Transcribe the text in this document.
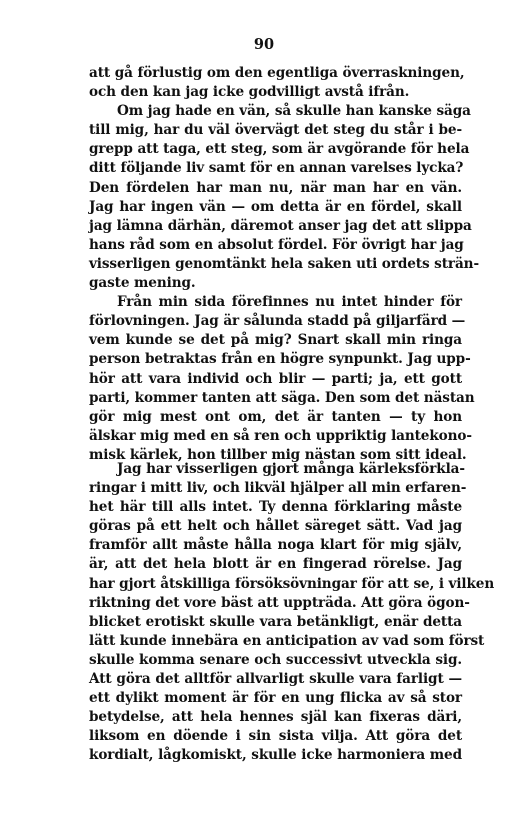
90
att gå förlustig om den egentliga överraskningen,
och den kan jag icke godvilligt avstå ifrån.
Om jag hade en vän, så skulle han kanske säga
till mig, har du väl övervägt det steg du står i be-
grepp att taga, ett steg, som är avgörande för hela
ditt följande liv samt för en annan varelses lycka?
Den fördelen har man nu, när man har en vän.
Jag har ingen vän — om detta är en fördel, skall
jag lämna därhän, däremot anser jag det att slippa
hans råd som en absolut fördel. För övrigt har jag
visserligen genomtänkt hela saken uti ordets strän-
gaste mening.
Från min sida förefinnes nu intet hinder för
förlovningen. Jag är sålunda stadd på giljarfärd —
vem kunde se det på mig? Snart skall min ringa
person betraktas från en högre synpunkt. Jag upp-
hör att vara individ och blir — parti; ja, ett gott
parti, kommer tanten att säga. Den som det nästan
gör mig mest ont om, det är tanten — ty hon
älskar mig med en så ren och uppriktig lantekono-
misk kärlek, hon tillber mig nästan som sitt ideal.
Jag har visserligen gjort många kärleksförkla-
ringar i mitt liv, och likväl hjälper all min erfaren-
het här till alls intet. Ty denna förklaring måste
göras på ett helt och hållet säreget sätt. Vad jag
framför allt måste hålla noga klart för mig själv,
är, att det hela blott är en fingerad rörelse. Jag
har gjort åtskilliga försöksövningar för att se, i vilken
riktning det vore bäst att uppträda. Att göra ögon-
blicket erotiskt skulle vara betänkligt, enär detta
lätt kunde innebära en anticipation av vad som först
skulle komma senare och successivt utveckla sig.
Att göra det alltför allvarligt skulle vara farligt —
ett dylikt moment är för en ung flicka av så stor
betydelse, att hela hennes själ kan fixeras däri,
liksom en döende i sin sista vilja. Att göra det
kordialt, lågkomiskt, skulle icke harmoniera med
